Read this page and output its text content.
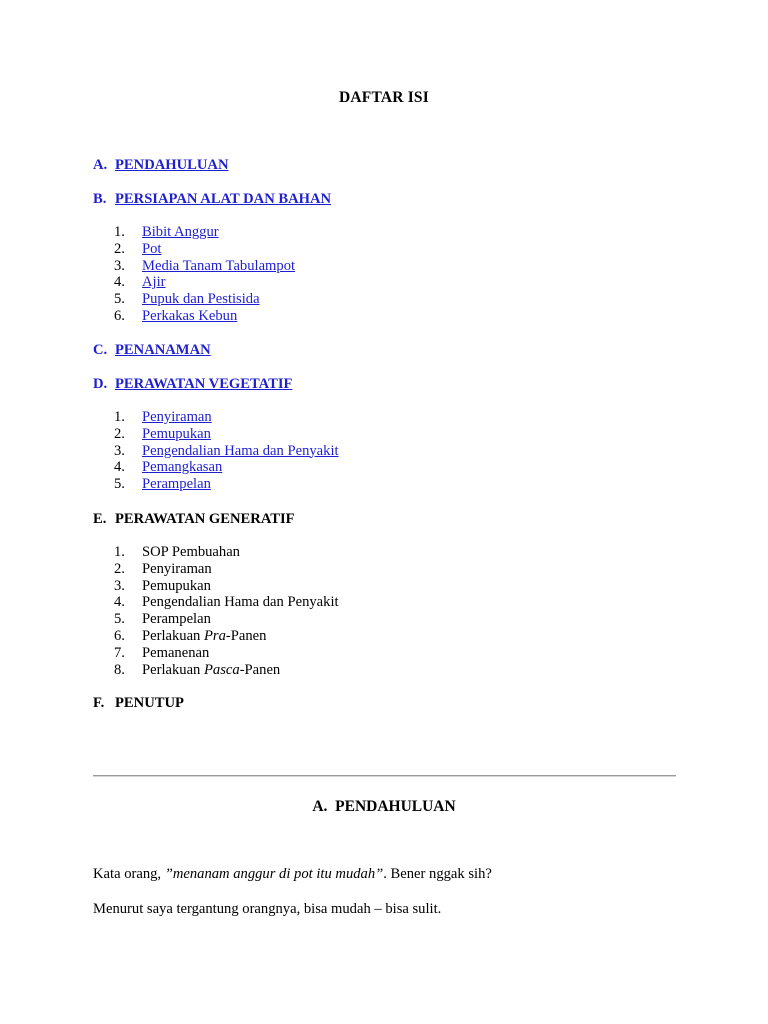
DAFTAR ISI
A. PENDAHULUAN
B. PERSIAPAN ALAT DAN BAHAN
1. Bibit Anggur
2. Pot
3. Media Tanam Tabulampot
4. Ajir
5. Pupuk dan Pestisida
6. Perkakas Kebun
C. PENANAMAN
D. PERAWATAN VEGETATIF
1. Penyiraman
2. Pemupukan
3. Pengendalian Hama dan Penyakit
4. Pemangkasan
5. Perampelan
E. PERAWATAN GENERATIF
1. SOP Pembuahan
2. Penyiraman
3. Pemupukan
4. Pengendalian Hama dan Penyakit
5. Perampelan
6. Perlakuan Pra-Panen
7. Pemanenan
8. Perlakuan Pasca-Panen
F. PENUTUP
A.  PENDAHULUAN
Kata orang, ”menanam anggur di pot itu mudah”. Bener nggak sih?
Menurut saya tergantung orangnya, bisa mudah – bisa sulit.
